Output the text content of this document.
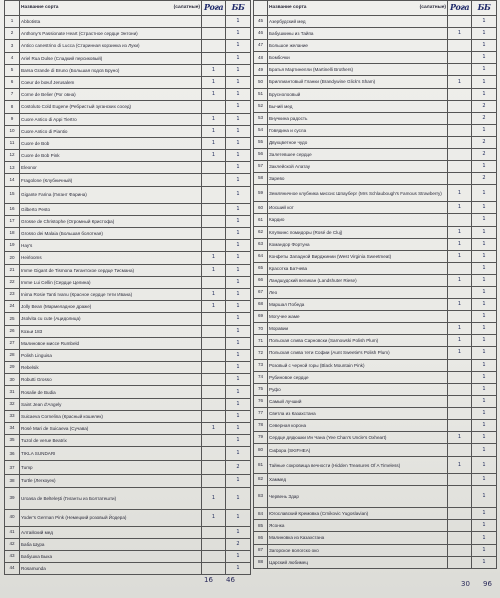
	Название сорта (салатные)	Рога	ББ
1	Abbotista		1
2	Anthony's Passionate Heart (Страстное сердце Энтони)		1
3	Antico canestrino di Lucca (Старинная корзинка из Луки)		1
4	Ariel Rua Dulse (Сладкий персиковый)		1
5	Barsa Grande di Bruno (Большая подсв Бруно)	1	1
6	Coeur de bœuf Jerusalem	1	1
7	Corne de Belier (Рог овна)	1	1
8	Costoluto Cold Eugene (Ребристый зуганских сосед)		1
9	Cuore Antico di Appi Tiertro	1	1
10	Cuore Antico di Piantio	1	1
11	Cuore de Bob	1	1
12	Cuore de Bob Pink	1	1
13	Eleonor		1
14	Fragolone (Клубничный)		1
15	Gigante Farina (Гигант Фарина)		1
16	Gilberto Pesto		1
17	Grosse de Christophe (Огромный Кристофа)		1
18	Grosso dei Malaia (Большая болотная)		1
19	Hay's		1
20	Heirlooms	1	1
21	Imme Gigant de Tismona Гигантское сердце Тисмана)	1	1
22	Imme Lui Cellin (Сердце Целина)		1
23	Inima Rosie Tanti Ivanu (Красное сердце тети Ивана)	1	1
24	Jolly Bean (Мармеладное драже)	1	1
25	Jsolvita cu cute (Ацидолица)		1
26	Козьи 183		1
27	Малиновое миссе Rumbeld		1
28	Polish Linguisa		1
29	Rebelsik		1
30	Robutti Grosso		1
31	Rosalie de Budia		1
32	Saint Jean d'Angely		1
33	Suicaeva Cornelina (Красный кошелек)		1
34	Rosé Mari de Suicaeva (Сучава)	1	1
35	Tuzol de verue Beatrix		1
36	TIKLA SUNDARI		1
37	Tump		2
38	Turtle (Легкоуек)		1
39	Uroasa de Belteleşti (Гиганты из Болтатешти)	1	1
40	Yoder's German Pink (Немецкий розовый Йодера)	1	1
41	Алтайский мед		1
42	Баба Шура		2
43	Бабушка Быка		1
44	Rosamunda		1
	Название сорта (салатные)	Рога	ББ
45	Азербудский мед		1
46	Бабушкины из Тайпа	1	1
47	Большое желание		1
48	Бомбочки		1
49	Братья Мартинелли (Martinelli Brothers)		1
50	Бриллиантовый Гланки (Brandywine Glick's Sham)	1	1
51	Бруснолоовый		1
52	Бычий мед		2
53	Внучкина радость		2
54	Говядина и сусла		1
55	Двухцветное чудо		2
56	Залетевшее сердце		2
57	Заклейской Алатау		1
58	Зарево		2
59	Земляничное клубника миссис Шпауберг (Mrs Schlaubough's Famous Strawberry)	1	1
60	Иосший кот	1	1
61	Кардио		1
62	Клупкинс помидоры (Rosé de Cluj)	1	1
63	Командор Фортуна	1	1
64	Конфеты Западной Вирджинии (West Virginia Sweetmeat)	1	1
65	Красотка Батчева		1
66	Ландшудский великан (Landshuter Riese)	1	1
67	Лео		1
68	Маршал Победа	1	1
69	Могучее жаме		1
70	Моравии	1	1
71	Польская слива Сарновски (Sarnowski Polish Plum)	1	1
72	Польская слива тети Софии (Aunt Sweetie's Polish Plum)	1	1
73	Розовый с черной горы (Black Mountain Pink)		1
74	Рубиновое сердце		1
75	Руфо		1
76	Самый лучший		1
77	Светла из Казахстана		1
78	Северная корона		1
79	Сердце дядюшки Ин Чана (Yee Chan's Uncle's Oxheart)	1	1
80	Сифора (SKIFHEA)		1
81	Тайные сокровища вечности (Hidden Treasures Of A Timeless)	1	1
82	Хаммед		1
83	Червень Здар		1
84	Югославский Кремовка (Crnikovic Yugoslavian)		1
85	Ясонка		1
86	Малиновка из Казахстана		1
87	Загорское вологско око		1
88	Царский любимец		1
16 46	30 96
